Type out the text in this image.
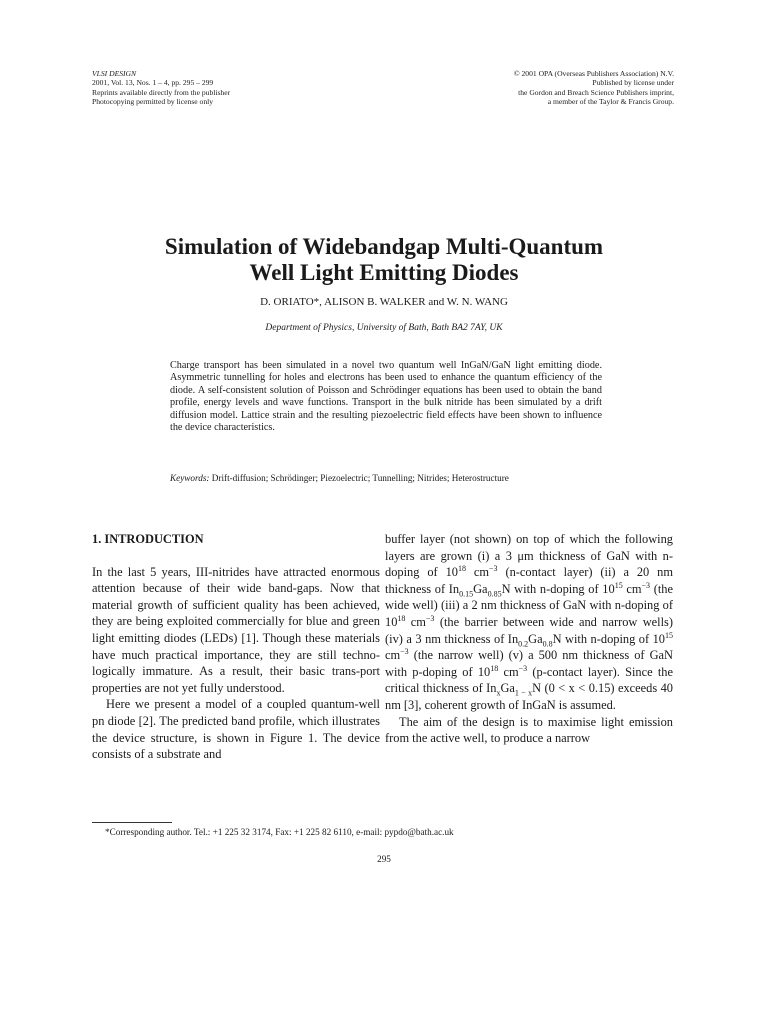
VLSI DESIGN
2001, Vol. 13, Nos. 1 – 4, pp. 295 – 299
Reprints available directly from the publisher
Photocopying permitted by license only
© 2001 OPA (Overseas Publishers Association) N.V.
Published by license under
the Gordon and Breach Science Publishers imprint,
a member of the Taylor & Francis Group.
Simulation of Widebandgap Multi-Quantum
Well Light Emitting Diodes
D. ORIATO*, ALISON B. WALKER and W. N. WANG
Department of Physics, University of Bath, Bath BA2 7AY, UK
Charge transport has been simulated in a novel two quantum well InGaN/GaN light emitting diode. Asymmetric tunnelling for holes and electrons has been used to enhance the quantum efficiency of the diode. A self-consistent solution of Poisson and Schrödinger equations has been used to obtain the band profile, energy levels and wave functions. Transport in the bulk nitride has been simulated by a drift diffusion model. Lattice strain and the resulting piezoelectric field effects have been shown to influence the device characteristics.
Keywords: Drift-diffusion; Schrödinger; Piezoelectric; Tunnelling; Nitrides; Heterostructure
1. INTRODUCTION

In the last 5 years, III-nitrides have attracted enormous attention because of their wide band-gaps. Now that material growth of sufficient quality has been achieved, they are being exploited commercially for blue and green light emitting diodes (LEDs) [1]. Though these materials have much practical importance, they are still techno-logically immature. As a result, their basic trans-port properties are not yet fully understood.

Here we present a model of a coupled quantum-well pn diode [2]. The predicted band profile, which illustrates the device structure, is shown in Figure 1. The device consists of a substrate and

buffer layer (not shown) on top of which the following layers are grown (i) a 3 μm thickness of GaN with n-doping of $10^{18}$ $cm^{-3}$ (n-contact layer) (ii) a 20 nm thickness of $In_{0.15}Ga_{0.85}N$ with n-doping of $10^{15}$ $cm^{-3}$ (the wide well) (iii) a 2 nm thickness of GaN with n-doping of $10^{18}$ $cm^{-3}$ (the barrier between wide and narrow wells) (iv) a 3 nm thickness of $In_{0.2}Ga_{0.8}N$ with n-doping of $10^{15}$ $cm^{-3}$ (the narrow well) (v) a 500 nm thickness of GaN with p-doping of $10^{18}$ $cm^{-3}$ (p-contact layer). Since the critical thickness of $In_xGa_{1 - x}N$ (0 < x < 0.15) exceeds 40 nm [3], coherent growth of InGaN is assumed.

The aim of the design is to maximise light emission from the active well, to produce a narrow

*Corresponding author. Tel.: +1 225 32 3174, Fax: +1 225 82 6110, e-mail: pypdo@bath.ac.uk
295
